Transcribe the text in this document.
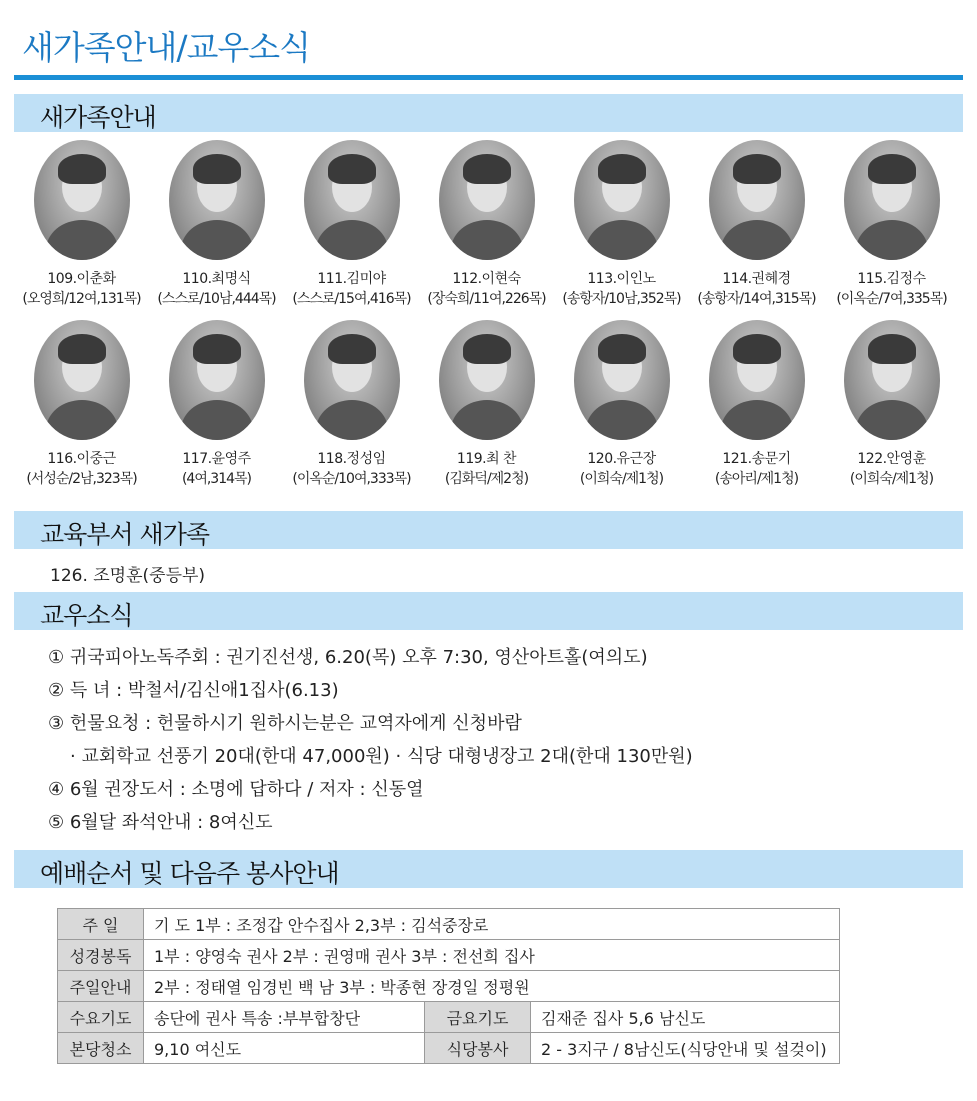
새가족안내/교우소식
새가족안내
109.이춘화
(오영희/12여,131목)
110.최명식
(스스로/10남,444목)
111.김미야
(스스로/15여,416목)
112.이현숙
(장숙희/11여,226목)
113.이인노
(송항자/10남,352목)
114.권혜경
(송항자/14여,315목)
115.김정수
(이옥순/7여,335목)
116.이중근
(서성순/2남,323목)
117.윤영주
(4여,314목)
118.정성임
(이옥순/10여,333목)
119.최 찬
(김화덕/제2청)
120.유근장
(이희숙/제1청)
121.송문기
(송아리/제1청)
122.안영훈
(이희숙/제1청)
교육부서 새가족
126. 조명훈(중등부)
교우소식
① 귀국피아노독주회 : 권기진선생, 6.20(목) 오후 7:30, 영산아트홀(여의도)
② 득 녀 : 박철서/김신애1집사(6.13)
③ 헌물요청 : 헌물하시기 원하시는분은 교역자에게 신청바람
· 교회학교 선풍기 20대(한대 47,000원) · 식당 대형냉장고 2대(한대 130만원)
④ 6월 권장도서 : 소명에 답하다 / 저자 : 신동열
⑤ 6월달 좌석안내 : 8여신도
예배순서 및 다음주 봉사안내
주 일	기 도 1부 : 조정갑 안수집사 2,3부 : 김석중장로		
성경봉독	1부 : 양영숙 권사 2부 : 권영매 권사 3부 : 전선희 집사		
주일안내	2부 : 정태열 임경빈 백 남 3부 : 박종현 장경일 정평원		
수요기도	송단에 권사 특송 :부부합창단	금요기도	김재준 집사 5,6 남신도
본당청소	9,10 여신도	식당봉사	2 - 3지구 / 8남신도(식당안내 및 설겆이)
